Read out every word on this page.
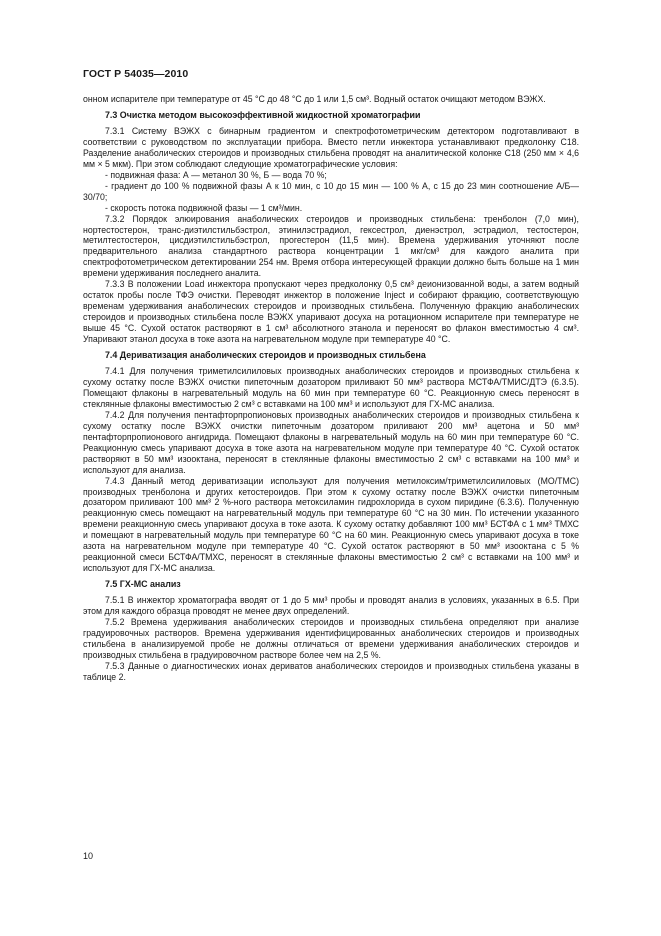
ГОСТ Р 54035—2010

онном испарителе при температуре от 45 °С до 48 °С до 1 или 1,5 см³. Водный остаток очищают методом ВЭЖХ.

7.3 Очистка методом высокоэффективной жидкостной хроматографии

7.3.1 Систему ВЭЖХ с бинарным градиентом и спектрофотометрическим детектором подготавливают в соответствии с руководством по эксплуатации прибора. Вместо петли инжектора устанавливают предколонку С18. Разделение анаболических стероидов и производных стильбена проводят на аналитической колонке С18 (250 мм × 4,6 мм × 5 мкм). При этом соблюдают следующие хроматографические условия:

- подвижная фаза: А — метанол 30 %, Б — вода 70 %;

- градиент до 100 % подвижной фазы А к 10 мин, с 10 до 15 мин — 100 % А, с 15 до 23 мин соотношение А/Б—30/70;

- скорость потока подвижной фазы — 1 см³/мин.

7.3.2 Порядок элюирования анаболических стероидов и производных стильбена: тренболон (7,0 мин), нортестостерон, транс-диэтилстильбэстрол, этинилэстрадиол, гексестрол, диенэстрол, эстрадиол, тестостерон, метилтестостерон, цисдиэтилстильбэстрол, прогестерон (11,5 мин). Времена удерживания уточняют после предварительного анализа стандартного раствора концентрации 1 мкг/см³ для каждого аналита при спектрофотометрическом детектировании 254 нм. Время отбора интересующей фракции должно быть больше на 1 мин времени удерживания последнего аналита.

7.3.3 В положении Load инжектора пропускают через предколонку 0,5 см³ деионизованной воды, а затем водный остаток пробы после ТФЭ очистки. Переводят инжектор в положение Inject и собирают фракцию, соответствующую временам удерживания анаболических стероидов и производных стильбена. Полученную фракцию анаболических стероидов и производных стильбена после ВЭЖХ упаривают досуха на ротационном испарителе при температуре не выше 45 °С. Сухой остаток растворяют в 1 см³ абсолютного этанола и переносят во флакон вместимостью 4 см³. Упаривают этанол досуха в токе азота на нагревательном модуле при температуре 40 °С.

7.4 Дериватизация анаболических стероидов и производных стильбена

7.4.1 Для получения триметилсилиловых производных анаболических стероидов и производных стильбена к сухому остатку после ВЭЖХ очистки пипеточным дозатором приливают 50 мм³ раствора МСТФА/ТМИС/ДТЭ (6.3.5). Помещают флаконы в нагревательный модуль на 60 мин при температуре 60 °С. Реакционную смесь переносят в стеклянные флаконы вместимостью 2 см³ с вставками на 100 мм³ и используют для ГХ-МС анализа.

7.4.2 Для получения пентафторпропионовых производных анаболических стероидов и производных стильбена к сухому остатку после ВЭЖХ очистки пипеточным дозатором приливают 200 мм³ ацетона и 50 мм³ пентафторпропионового ангидрида. Помещают флаконы в нагревательный модуль на 60 мин при температуре 60 °С. Реакционную смесь упаривают досуха в токе азота на нагревательном модуле при температуре 40 °С. Сухой остаток растворяют в 50 мм³ изооктана, переносят в стеклянные флаконы вместимостью 2 см³ с вставками на 100 мм³ и используют для анализа.

7.4.3 Данный метод дериватизации используют для получения метилоксим/триметилсилиловых (МО/ТМС) производных тренболона и других кетостероидов. При этом к сухому остатку после ВЭЖХ очистки пипеточным дозатором приливают 100 мм³ 2 %-ного раствора метоксиламин гидрохлорида в сухом пиридине (6.3.6). Полученную реакционную смесь помещают на нагревательный модуль при температуре 60 °С на 30 мин. По истечении указанного времени реакционную смесь упаривают досуха в токе азота. К сухому остатку добавляют 100 мм³ БСТФА с 1 мм³ ТМХС и помещают в нагревательный модуль при температуре 60 °С на 60 мин. Реакционную смесь упаривают досуха в токе азота на нагревательном модуле при температуре 40 °С. Сухой остаток растворяют в 50 мм³ изооктана с 5 % реакционной смеси БСТФА/ТМХС, переносят в стеклянные флаконы вместимостью 2 см³ с вставками на 100 мм³ и используют для ГХ-МС анализа.

7.5 ГХ-МС анализ

7.5.1 В инжектор хроматографа вводят от 1 до 5 мм³ пробы и проводят анализ в условиях, указанных в 6.5. При этом для каждого образца проводят не менее двух определений.

7.5.2 Времена удерживания анаболических стероидов и производных стильбена определяют при анализе градуировочных растворов. Времена удерживания идентифицированных анаболических стероидов и производных стильбена в анализируемой пробе не должны отличаться от времени удерживания анаболических стероидов и производных стильбена в градуировочном растворе более чем на 2,5 %.

7.5.3 Данные о диагностических ионах дериватов анаболических стероидов и производных стильбена указаны в таблице 2.

10
